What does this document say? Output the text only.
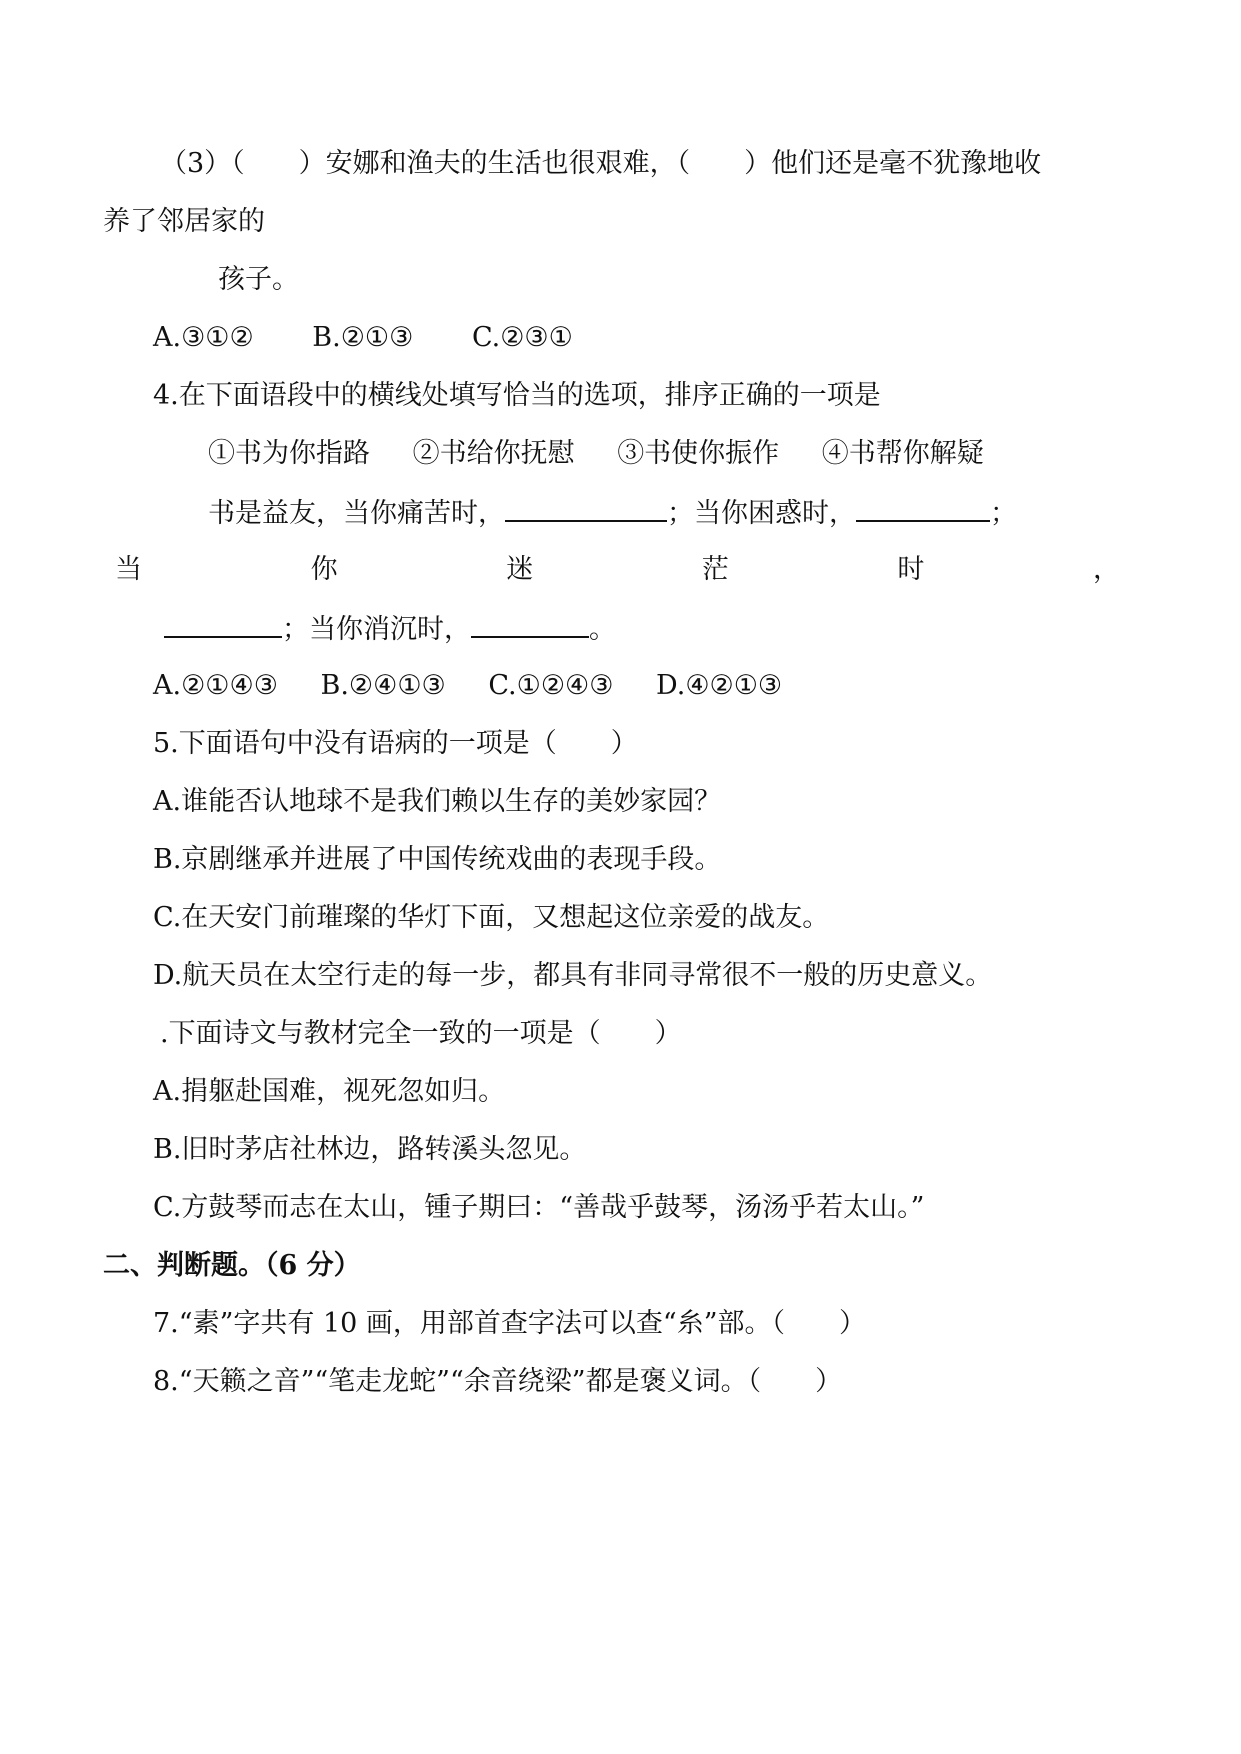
（3）（　　）安娜和渔夫的生活也很艰难，（　　）他们还是毫不犹豫地收
养了邻居家的
孩子。
A.③①② B.②①③ C.②③①
4.在下面语段中的横线处填写恰当的选项，排序正确的一项是
①书为你指路 ②书给你抚慰 ③书使你振作 ④书帮你解疑
书是益友，当你痛苦时，	；当你困惑时，	；
当	你	迷	茫	时	，
；当你消沉时，	。
A.②①④③ B.②④①③ C.①②④③ D.④②①③
5.下面语句中没有语病的一项是（　　）
A.谁能否认地球不是我们赖以生存的美妙家园？
B.京剧继承并进展了中国传统戏曲的表现手段。
C.在天安门前璀璨的华灯下面，又想起这位亲爱的战友。
D.航天员在太空行走的每一步，都具有非同寻常很不一般的历史意义。
.下面诗文与教材完全一致的一项是（　　）
A.捐躯赴国难，视死忽如归。
B.旧时茅店社林边，路转溪头忽见。
C.方鼓琴而志在太山，锺子期曰：“善哉乎鼓琴，汤汤乎若太山。”
二、判断题。（6 分）
7.“素”字共有 10 画，用部首查字法可以查“糸”部。（　　）
8.“天籁之音”“笔走龙蛇”“余音绕梁”都是褒义词。（　　）
